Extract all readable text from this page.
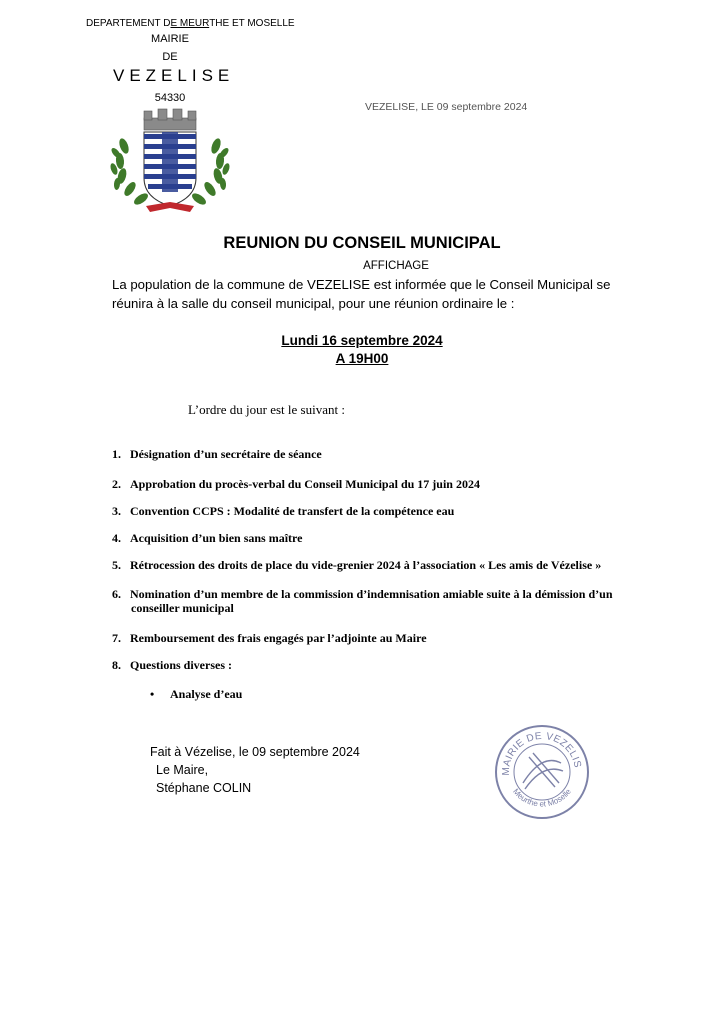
DEPARTEMENT DE MEURTHE ET MOSELLE
MAIRIE
DE
VEZELISE
54330
VEZELISE, LE 09 septembre 2024
REUNION DU CONSEIL MUNICIPAL
AFFICHAGE
La population de la commune de VEZELISE est informée que le Conseil Municipal se réunira à la salle du conseil municipal, pour une réunion ordinaire le :
Lundi 16 septembre 2024
A 19H00
L’ordre du jour est le suivant :
1. Désignation d’un secrétaire de séance
2. Approbation du procès-verbal du Conseil Municipal du 17 juin 2024
3. Convention CCPS : Modalité de transfert de la compétence eau
4. Acquisition d’un bien sans maître
5. Rétrocession des droits de place du vide-grenier 2024 à l’association « Les amis de Vézelise »
6. Nomination d’un membre de la commission d’indemnisation amiable suite à la démission d’un
conseiller municipal
7. Remboursement des frais engagés par l’adjointe au Maire
8. Questions diverses :
• Analyse d’eau
Fait à Vézelise, le 09 septembre 2024
Le Maire,
Stéphane COLIN
MAIRIE DE VEZELIS
Meurthe et Moselle
